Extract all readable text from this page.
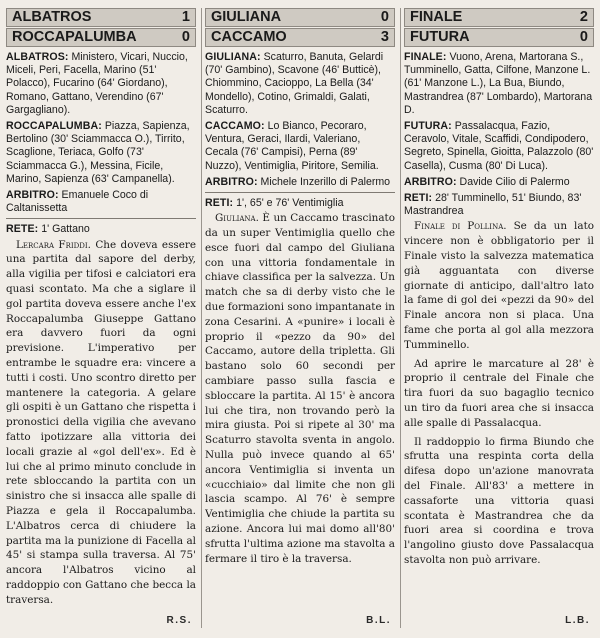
ALBATROS	1
ROCCAPALUMBA	0
ALBATROS: Ministero, Vicari, Nuccio, Miceli, Peri, Facella, Marino (51' Polacco), Fucarino (64' Giordano), Romano, Gattano, Verendino (67' Gargagliano).
ROCCAPALUMBA: Piazza, Sapienza, Bertolino (30' Sciammacca O.), Tirrito, Scaglione, Teriaca, Golfo (73' Sciammacca G.), Messina, Ficile, Marino, Sapienza (63' Campanella).
ARBITRO: Emanuele Coco di Caltanissetta
RETE: 1' Gattano

Lercara Friddi. Che doveva essere una partita dal sapore del derby, alla vigilia per tifosi e calciatori era quasi scontato. Ma che a siglare il gol partita doveva essere anche l'ex Roccapalumba Giuseppe Gattano era davvero fuori da ogni previsione. L'imperativo per entrambe le squadre era: vincere a tutti i costi. Uno scontro diretto per mantenere la categoria. A gelare gli ospiti è un Gattano che rispetta i pronostici della vigilia che avevano fatto ipotizzare alla vittoria dei locali grazie al «gol dell'ex». Ed è lui che al primo minuto conclude in rete sbloccando la partita con un sinistro che si insacca alle spalle di Piazza e gela il Roccapalumba. L'Albatros cerca di chiudere la partita ma la punizione di Facella al 45' si stampa sulla traversa. Al 75' ancora l'Albatros vicino al raddoppio con Gattano che becca la traversa.

R.S.
GIULIANA	0
CACCAMO	3
GIULIANA: Scaturro, Banuta, Gelardi (70' Gambino), Scavone (46' Butticè), Chiommino, Cacioppo, La Bella (34' Mondello), Cotino, Grimaldi, Galati, Scaturro.
CACCAMO: Lo Bianco, Pecoraro, Ventura, Geraci, Ilardi, Valeriano, Cecala (76' Campisi), Perna (89' Nuzzo), Ventimiglia, Piritore, Semilia.
ARBITRO: Michele Inzerillo di Palermo
RETI: 1', 65' e 76' Ventimiglia

Giuliana. È un Caccamo trascinato da un super Ventimiglia quello che esce fuori dal campo del Giuliana con una vittoria fondamentale in chiave classifica per la salvezza. Un match che sa di derby visto che le due formazioni sono impantanate in zona Cesarini. A «punire» i locali è proprio il «pezzo da 90» del Caccamo, autore della tripletta. Gli bastano solo 60 secondi per cambiare passo sulla fascia e sbloccare la partita. Al 15' è ancora lui che tira, non trovando però la mira giusta. Poi si ripete al 30' ma Scaturro stavolta sventa in angolo. Nulla può invece quando al 65' ancora Ventimiglia si inventa un «cucchiaio» dal limite che non gli lascia scampo. Al 76' è sempre Ventimiglia che chiude la partita su azione. Ancora lui mai domo all'80' sfrutta l'ultima azione ma stavolta a fermare il tiro è la traversa.

B.L.
FINALE	2
FUTURA	0
FINALE: Vuono, Arena, Martorana S., Tumminello, Gatta, Cilfone, Manzone L. (61' Manzone L.), La Bua, Biundo, Mastrandrea (87' Lombardo), Martorana D.
FUTURA: Passalacqua, Fazio, Ceravolo, Vitale, Scaffidi, Condipodero, Segreto, Spinella, Gioitta, Palazzolo (80' Casella), Cusma (80' Di Luca).
ARBITRO: Davide Cilio di Palermo
RETI: 28' Tumminello, 51' Biundo, 83' Mastrandrea

Finale di Pollina. Se da un lato vincere non è obbligatorio per il Finale visto la salvezza matematica già agguantata con diverse giornate di anticipo, dall'altro lato la fame di gol dei «pezzi da 90» del Finale ancora non si placa. Una fame che porta al gol alla mezzora Tumminello.

Ad aprire le marcature al 28' è proprio il centrale del Finale che tira fuori da suo bagaglio tecnico un tiro da fuori area che si insacca alle spalle di Passalacqua.

Il raddoppio lo firma Biundo che sfrutta una respinta corta della difesa dopo un'azione manovrata del Finale. All'83' a mettere in cassaforte una vittoria quasi scontata è Mastrandrea che da fuori area si coordina e trova l'angolino giusto dove Passalacqua stavolta non può arrivare.

L.B.
